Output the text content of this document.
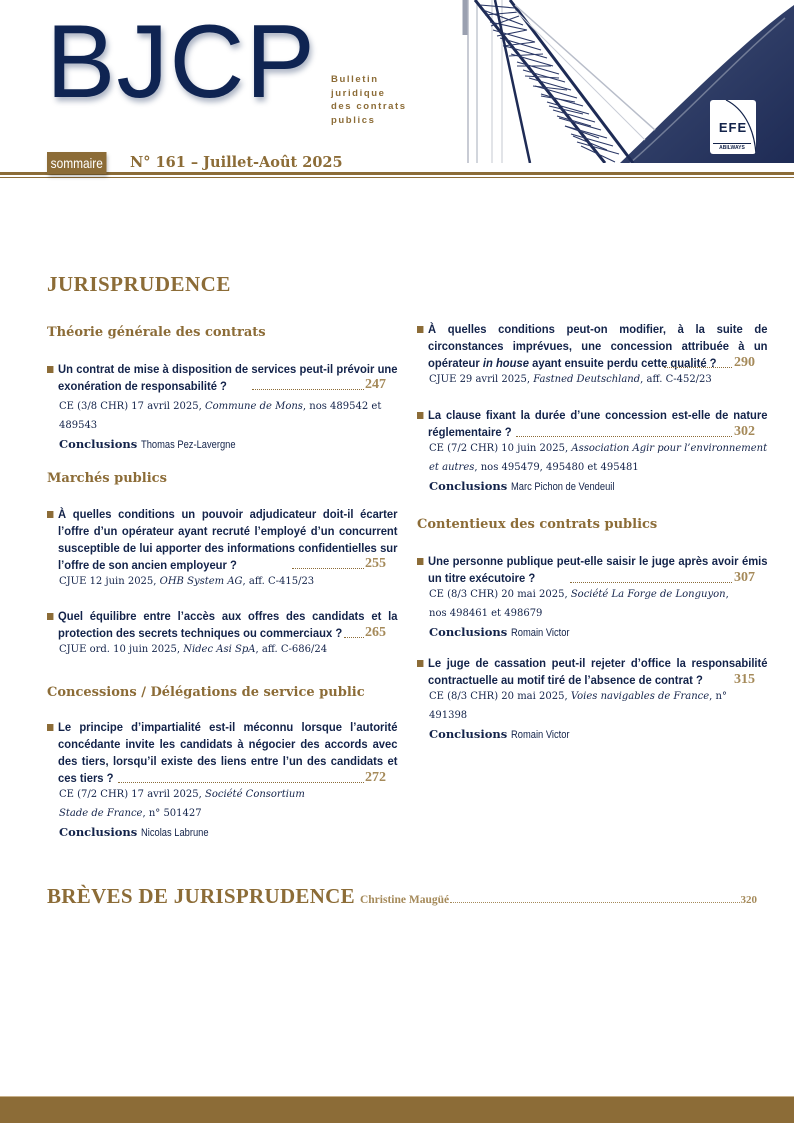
BJCP Bulletin
juridique
des contrats
publics	EFE
ABILWAYS
sommaire N° 161 – Juillet-Août 2025
JURISPRUDENCE
Théorie générale des contrats
Un contrat de mise à disposition de services peut-il prévoir une exonération de responsabilité ?
CE (3/8 CHR) 17 avril 2025, Commune de Mons, nos 489542 et 489543
Conclusions Thomas Pez-Lavergne
247
Marchés publics
À quelles conditions un pouvoir adjudicateur doit-il écarter l’offre d’un opérateur ayant recruté l’employé d’un concurrent susceptible de lui apporter des informations confidentielles sur l’offre de son ancien employeur ?
CJUE 12 juin 2025, OHB System AG, aff. C-415/23
255
Quel équilibre entre l’accès aux offres des candidats et la protection des secrets techniques ou commerciaux ?
CJUE ord. 10 juin 2025, Nidec Asi SpA, aff. C-686/24
265
Concessions / Délégations de service public
Le principe d’impartialité est-il méconnu lorsque l’autorité concédante invite les candidats à négocier des accords avec des tiers, lorsqu’il existe des liens entre l’un des candidats et ces tiers ?
CE (7/2 CHR) 17 avril 2025, Société Consortium Stade de France, n° 501427
Conclusions Nicolas Labrune
272
À quelles conditions peut-on modifier, à la suite de circonstances imprévues, une concession attribuée à un opérateur in house ayant ensuite perdu cette qualité ?
CJUE 29 avril 2025, Fastned Deutschland, aff. C-452/23
290
La clause fixant la durée d’une concession est-elle de nature réglementaire ?
CE (7/2 CHR) 10 juin 2025, Association Agir pour l’environnement et autres, nos 495479, 495480 et 495481
Conclusions Marc Pichon de Vendeuil
302
Contentieux des contrats publics
Une personne publique peut-elle saisir le juge après avoir émis un titre exécutoire ?
CE (8/3 CHR) 20 mai 2025, Société La Forge de Longuyon, nos 498461 et 498679
Conclusions Romain Victor
307
Le juge de cassation peut-il rejeter d’office la responsabilité contractuelle au motif tiré de l’absence de contrat ?
CE (8/3 CHR) 20 mai 2025, Voies navigables de France, n° 491398
Conclusions Romain Victor
315
BRÈVES DE JURISPRUDENCE Christine Maugüé	320
